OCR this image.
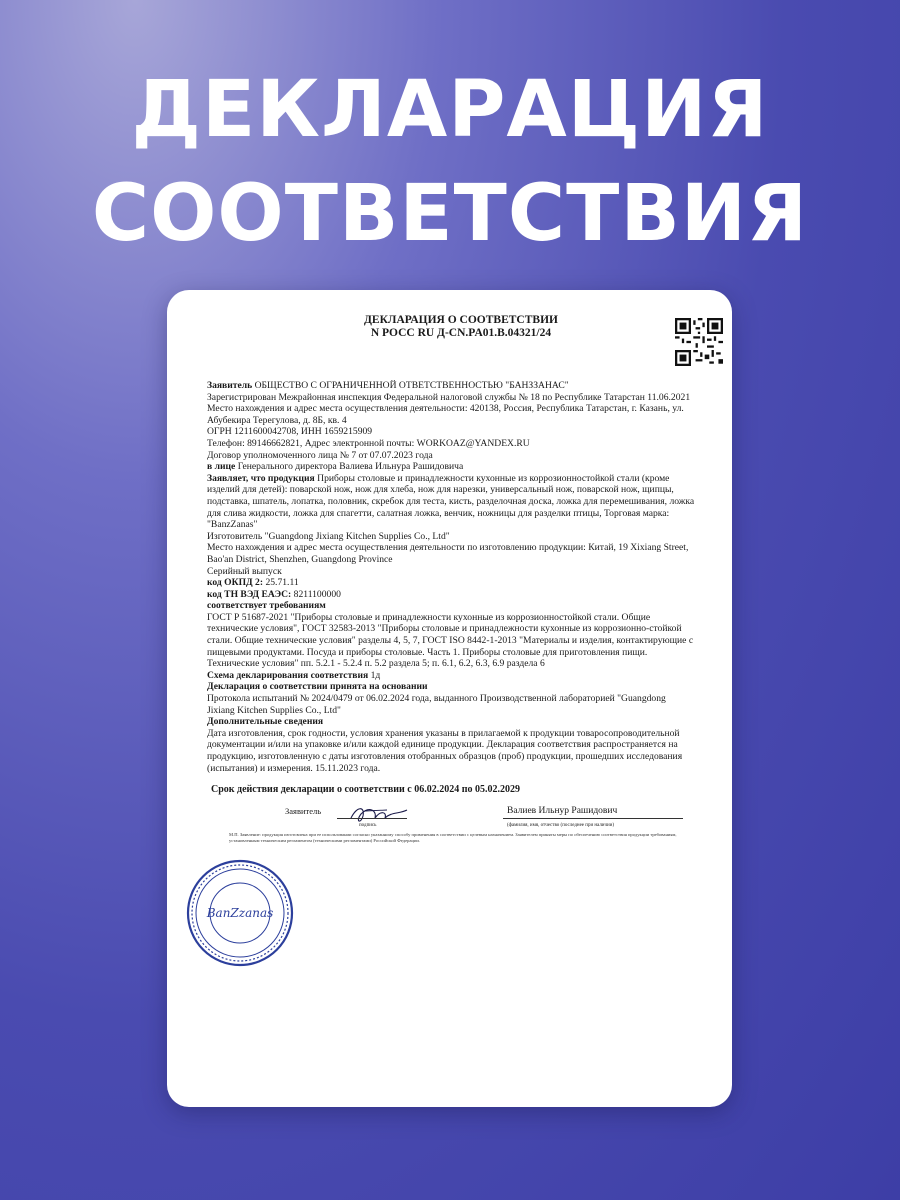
ДЕКЛАРАЦИЯ
СООТВЕТСТВИЯ
ДЕКЛАРАЦИЯ О СООТВЕТСТВИИ
N РОСС RU Д-CN.PA01.B.04321/24

Заявитель ОБЩЕСТВО С ОГРАНИЧЕННОЙ ОТВЕТСТВЕННОСТЬЮ "БАНЗЗАНАС"

Зарегистрирован Межрайонная инспекция Федеральной налоговой службы № 18 по Республике Татарстан 11.06.2021

Место нахождения и адрес места осуществления деятельности: 420138, Россия, Республика Татарстан, г. Казань, ул. Абубекира Терегулова, д. 8Б, кв. 4

ОГРН 1211600042708, ИНН 1659215909

Телефон: 89146662821, Адрес электронной почты: WORKOAZ@YANDEX.RU

Договор уполномоченного лица № 7 от 07.07.2023 года

в лице Генерального директора Валиева Ильнура Рашидовича

Заявляет, что продукция Приборы столовые и принадлежности кухонные из коррозионностойкой стали (кроме изделий для детей): поварской нож, нож для хлеба, нож для нарезки, универсальный нож, поварской нож, щипцы, подставка, шпатель, лопатка, половник, скребок для теста, кисть, разделочная доска, ложка для перемешивания, ложка для слива жидкости, ложка для спагетти, салатная ложка, венчик, ножницы для разделки птицы, Торговая марка: "BanzZanas"

Изготовитель "Guangdong Jixiang Kitchen Supplies Co., Ltd"

Место нахождения и адрес места осуществления деятельности по изготовлению продукции: Китай, 19 Xixiang Street, Bao'an District, Shenzhen, Guangdong Province

Серийный выпуск

код ОКПД 2: 25.71.11

код ТН ВЭД ЕАЭС: 8211100000

соответствует требованиям

ГОСТ Р 51687-2021 "Приборы столовые и принадлежности кухонные из коррозионностойкой стали. Общие технические условия", ГОСТ 32583-2013 "Приборы столовые и принадлежности кухонные из коррозионно-стойкой стали. Общие технические условия" разделы 4, 5, 7, ГОСТ ISO 8442-1-2013 "Материалы и изделия, контактирующие с пищевыми продуктами. Посуда и приборы столовые. Часть 1. Приборы столовые для приготовления пищи. Технические условия" пп. 5.2.1 - 5.2.4 п. 5.2 раздела 5; п. 6.1, 6.2, 6.3, 6.9 раздела 6

Схема декларирования соответствия 1д

Декларация о соответствии принята на основании

Протокола испытаний № 2024/0479 от 06.02.2024 года, выданного Производственной лабораторией "Guangdong Jixiang Kitchen Supplies Co., Ltd"

Дополнительные сведения

Дата изготовления, срок годности, условия хранения указаны в прилагаемой к продукции товаросопроводительной документации и/или на упаковке и/или каждой единице продукции. Декларация соответствия распространяется на продукцию, изготовленную с даты изготовления отобранных образцов (проб) продукции, прошедших исследования (испытания) и измерения. 15.11.2023 года.

Срок действия декларации о соответствии с 06.02.2024 по 05.02.2029
Заявитель
подпись
Валиев Ильнур Рашидович
(фамилия, имя, отчество (последнее при наличии)
М.П. Заявление: продукция изготовлена при ее использовании согласно указанному способу применения в соответствии с целевым назначением. Заявителем приняты меры по обеспечению соответствия продукции требованиям, установленным техническим регламентом (техническими регламентами) Российской Федерации.
BanZzanas
